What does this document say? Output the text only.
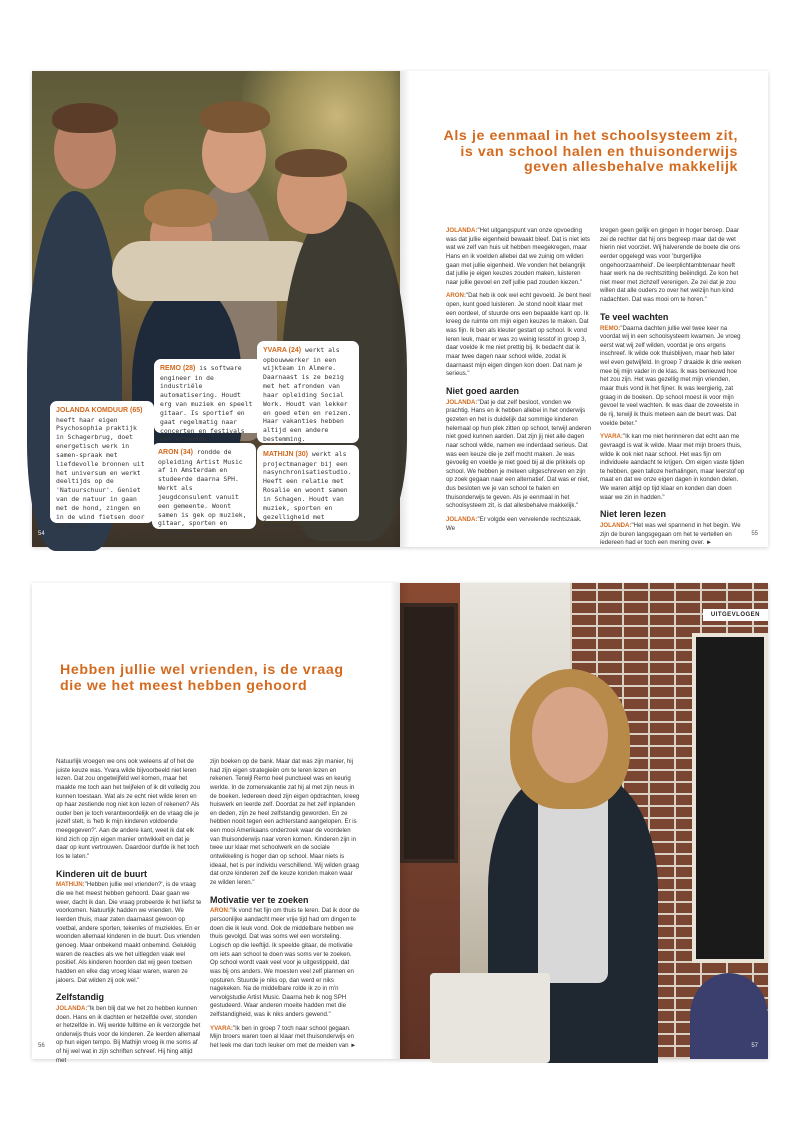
REMO (28) is software engineer in de industriële automatisering. Houdt erg van muziek en speelt gitaar. Is sportief en gaat regelmatig naar concerten en festivals met vrienden.
YVARA (24) werkt als opbouwwerker in een wijkteam in Almere. Daarnaast is ze bezig met het afronden van haar opleiding Social Work. Houdt van lekker en goed eten en reizen. Haar vakanties hebben altijd een andere bestemming.
JOLANDA KOMDUUR (65) heeft haar eigen Psychosophia praktijk in Schagerbrug, doet energetisch werk in samen-spraak met liefdevolle bronnen uit het universum en werkt deeltijds op de 'Natuurschuur'. Geniet van de natuur in gaan met de hond, zingen en in de wind fietsen door de polder.
ARON (34) rondde de opleiding Artist Music af in Amsterdam en studeerde daarna SPH. Werkt als jeugdconsulent vanuit een gemeente. Woont samen is gek op muziek, gitaar, sporten en festivals.
MATHIJN (30) werkt als projectmanager bij een nasynchronisatiestudio. Heeft een relatie met Rosalie en woont samen in Schagen. Houdt van muziek, sporten en gezelligheid met vrienden...
54
Als je eenmaal in het schoolsysteem zit, is van school halen en thuisonderwijs geven allesbehalve makkelijk

JOLANDA:"Het uitgangspunt van onze opvoeding was dat jullie eigenheid bewaakt bleef. Dat is niet iets wat we zelf van huis uit hebben meegekregen, maar Hans en ik voelden allebei dat we zuinig om wilden gaan met jullie eigenheid. We vonden het belangrijk dat jullie je eigen keuzes zouden maken, luisteren naar jullie gevoel en zelf jullie pad zouden kiezen."

ARON:"Dat heb ik ook wel echt gevoeld. Je bent heel open, kunt goed luisteren. Je stond nooit klaar met een oordeel, of stuurde ons een bepaalde kant op. Ik kreeg de ruimte om mijn eigen keuzes te maken. Dat was fijn. Ik ben als kleuter gestart op school. Ik vond leren leuk, maar er was zo weinig lesstof in groep 3, daar voelde ik me niet prettig bij. Ik bedacht dat ik maar twee dagen naar school wilde, zodat ik daarnaast mijn eigen dingen kon doen. Dat nam je serieus."

Niet goed aarden

JOLANDA:"Dat je dat zelf besloot, vonden we prachtig. Hans en ik hebben allebei in het onderwijs gezeten en het is duidelijk dat sommige kinderen helemaal op hun plek zitten op school, terwijl anderen niet goed kunnen aarden. Dat zijn jij niet alle dagen naar school wilde, namen we inderdaad serieus. Dat was een keuze die je zelf mocht maken. Je was gevoelig en voelde je niet goed bij al die prikkels op school. We hebben je meteen uitgeschreven en zijn op zoek gegaan naar een alternatief. Dat was er niet, dus besloten we je van school te halen en thuisonderwijs te geven. Als je eenmaal in het schoolsysteem zit, is dat allesbehalve makkelijk."

JOLANDA:"Er volgde een vervelende rechtszaak. We

kregen geen gelijk en gingen in hoger beroep. Daar zei de rechter dat hij ons begreep maar dat de wet hierin niet voorziet. Wij halverende de boete die ons eerder opgelegd was voor 'burgerlijke ongehoorzaamheid'. De leerplichtambtenaar heeft haar werk na de rechtszitting beëindigd. Ze kon het niet meer met zichzelf verenigen. Ze zei dat je zou willen dat alle ouders zo over het welzijn hun kind nadachten. Dat was mooi om te horen."

Te veel wachten

REMO:"Daarna dachten jullie wel twee keer na voordat wij in een schoolsysteem kwamen. Je vroeg eerst wat wij zelf wilden, voordat je ons ergens inschreef. Ik wilde ook thuisblijven, maar heb later wel even getwijfeld. In groep 7 draaide ik drie weken mee bij mijn vader in de klas. Ik was benieuwd hoe het zou zijn. Het was gezellig met mijn vrienden, maar thuis vond ik het fijner. Ik was leergierig, zat graag in de boeken. Op school moest ik voor mijn gevoel te veel wachten. Ik was daar de zoveelste in de rij, terwijl ik thuis meteen aan de beurt was. Dat voelde beter."

YVARA:"Ik kan me niet herinneren dat echt aan me gevraagd is wat ik wilde. Maar met mijn broers thuis, wilde ik ook niet naar school. Het was fijn om individuele aandacht te krijgen. Om eigen vaste tijden te hebben, geen talloze herhalingen, maar leerstof op maat en dat we onze eigen dagen in konden delen. We waren altijd op tijd klaar en konden dan doen waar we zin in hadden."

Niet leren lezen

JOLANDA:"Het was wel spannend in het begin. We zijn de buren langsgegaan om het te vertellen en iedereen had er toch een mening over. ►

55
Hebben jullie wel vrienden, is de vraag die we het meest hebben gehoord

Natuurlijk vroegen we ons ook weleens af of het de juiste keuze was. Yvara wilde bijvoorbeeld niet leren lezen. Dat zou ongetwijfeld wel komen, maar het maakte me toch aan het twijfelen of ik dit volledig zou kunnen toestaan. Wat als ze echt niet wilde leren en op haar zestiende nog niet kon lezen of rekenen? Als ouder ben je toch verantwoordelijk en de vraag die je jezelf stelt, is 'heb ik mijn kinderen voldoende meegegeven?'. Aan de andere kant, weet ik dat elk kind zich op zijn eigen manier ontwikkelt en dat je daar op kunt vertrouwen. Daardoor durfde ik het toch los te laten."

Kinderen uit de buurt

MATHIJN:"Hebben jullie wel vrienden?', is de vraag die we het meest hebben gehoord. Daar gaan we weer, dacht ik dan. Die vraag probeerde ik het liefst te voorkomen. Natuurlijk hadden we vrienden. We leerden thuis, maar zaten daarnaast gewoon op voetbal, andere sporten, tekenles of muziekles. En er woonden allemaal kinderen in de buurt. Dus vrienden genoeg. Maar onbekend maakt onbemind. Gelukkig waren de reacties als we het uitlegden vaak wel positief. Als kinderen hoorden dat wij geen toetsen hadden en elke dag vroeg klaar waren, waren ze jaloers. Dat wilden zij ook wel."

Zelfstandig

JOLANDA:"Ik ben blij dat we het zo hebben kunnen doen. Hans en ik dachten er hetzelfde over, stonden er hetzelfde in. Wij werkte fulltime en ik verzorgde het onderwijs thuis voor de kinderen. Ze leerden allemaal op hun eigen tempo. Bij Mathijn vroeg ik me soms af of hij wel wat in zijn schriften schreef. Hij hing altijd met

zijn boeken op de bank. Maar dat was zijn manier, hij had zijn eigen strategieën om te leren lezen en rekenen. Terwijl Remo heel punctueel was en keurig werkte. In de zomervakantie zat hij al met zijn neus in de boeken. Iedereen deed zijn eigen opdrachten, kreeg huiswerk en leerde zelf. Doordat ze het zelf inplanden en deden, zijn ze heel zelfstandig geworden. En ze hebben nooit tegen een achterstand aangelopen. Er is een mooi Amerikaans onderzoek waar de voordelen van thuisonderwijs naar voren komen. Kinderen zijn in twee uur klaar met schoolwerk en de sociale ontwikkeling is hoger dan op school. Maar niets is ideaal, het is per individu verschillend. Wij wilden graag dat onze kinderen zelf de keuze konden maken waar ze wilden leren."

Motivatie ver te zoeken

ARON:"Ik vond het fijn om thuis te leren. Dat ik door de persoonlijke aandacht meer vrije tijd had om dingen te doen die ik leuk vond. Ook de middelbare hebben we thuis gevolgd. Dat was soms wel een worsteling. Logisch op die leeftijd. Ik speelde gitaar, de motivatie om iets aan school te doen was soms ver te zoeken. Op school wordt vaak veel voor je uitgestippeld, dat was bij ons anders. We moesten veel zelf plannen en opsturen. Stuurde je niks op, dan werd er niks nagekeken. Na de middelbare rolde ik zo in m'n vervolgstudie Artist Music. Daarna heb ik nog SPH gestudeerd. Waar anderen moeite hadden met die zelfstandigheid, was ik niks anders gewend."

YVARA:"Ik ben in groep 7 toch naar school gegaan. Mijn broers waren toen al klaar met thuisonderwijs en het leek me dan toch leuker om met de meiden van ►

56
UITGEVLOGEN
57
